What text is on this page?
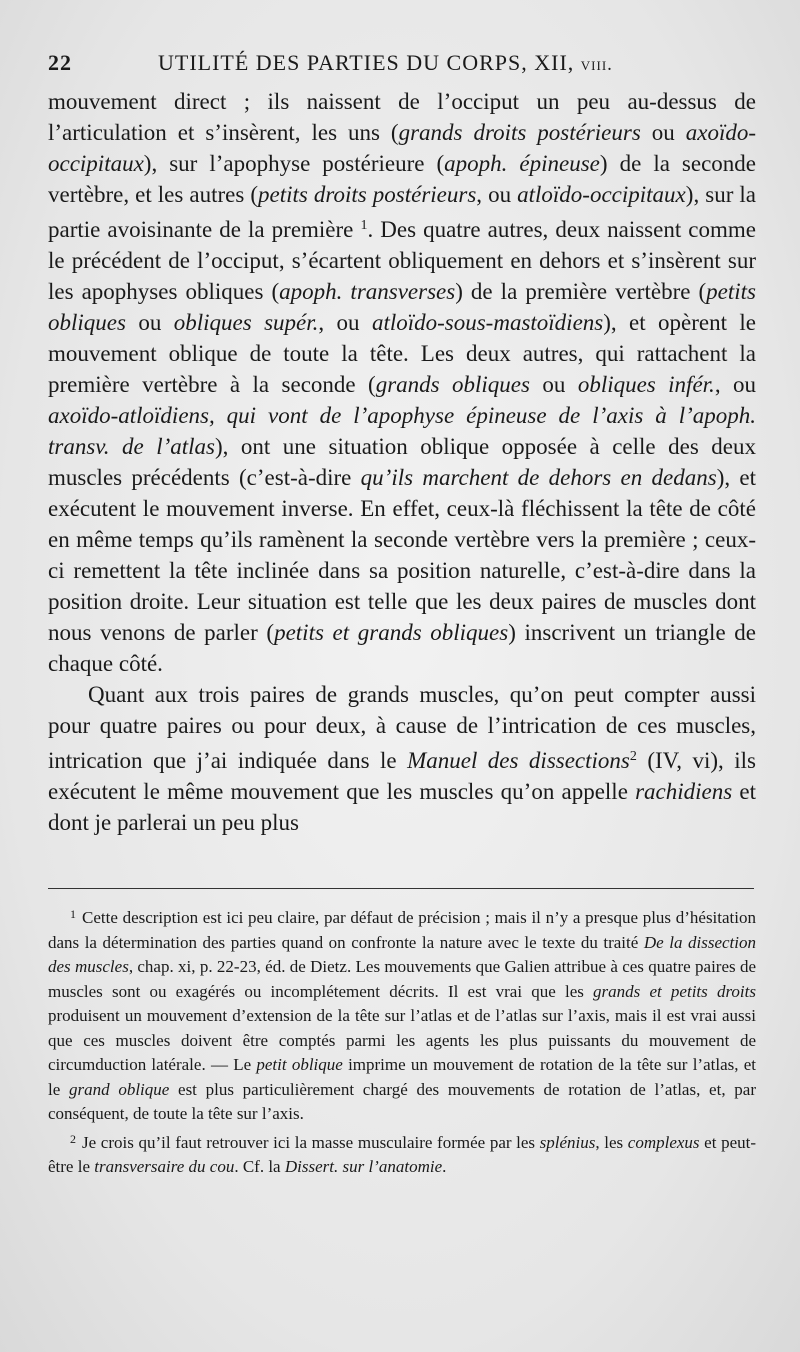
22	UTILITÉ DES PARTIES DU CORPS, XII, viii.

mouvement direct ; ils naissent de l’occiput un peu au-dessus de l’articulation et s’insèrent, les uns (grands droits postérieurs ou axoïdo-occipitaux), sur l’apophyse postérieure (apoph. épineuse) de la seconde vertèbre, et les autres (petits droits postérieurs, ou atloïdo-occipitaux), sur la partie avoisinante de la première $^1$. Des quatre autres, deux naissent comme le précédent de l’occiput, s’écartent obliquement en dehors et s’insèrent sur les apophyses obliques (apoph. transverses) de la première vertèbre (petits obliques ou obliques supér., ou atloïdo-sous-mastoïdiens), et opèrent le mouvement oblique de toute la tête. Les deux autres, qui rattachent la première vertèbre à la seconde (grands obliques ou obliques infér., ou axoïdo-atloïdiens, qui vont de l’apophyse épineuse de l’axis à l’apoph. transv. de l’atlas), ont une situation oblique opposée à celle des deux muscles précédents (c’est-à-dire qu’ils marchent de dehors en dedans), et exécutent le mouvement inverse. En effet, ceux-là fléchissent la tête de côté en même temps qu’ils ramènent la seconde vertèbre vers la première ; ceux-ci remettent la tête inclinée dans sa position naturelle, c’est-à-dire dans la position droite. Leur situation est telle que les deux paires de muscles dont nous venons de parler (petits et grands obliques) inscrivent un triangle de chaque côté.

Quant aux trois paires de grands muscles, qu’on peut compter aussi pour quatre paires ou pour deux, à cause de l’intrication de ces muscles, intrication que j’ai indiquée dans le Manuel des dissections$^2$ (IV, vi), ils exécutent le même mouvement que les muscles qu’on appelle rachidiens et dont je parlerai un peu plus

$^1$ Cette description est ici peu claire, par défaut de précision ; mais il n’y a presque plus d’hésitation dans la détermination des parties quand on confronte la nature avec le texte du traité De la dissection des muscles, chap. xi, p. 22-23, éd. de Dietz. Les mouvements que Galien attribue à ces quatre paires de muscles sont ou exagérés ou incomplétement décrits. Il est vrai que les grands et petits droits produisent un mouvement d’extension de la tête sur l’atlas et de l’atlas sur l’axis, mais il est vrai aussi que ces muscles doivent être comptés parmi les agents les plus puissants du mouvement de circumduction latérale. — Le petit oblique imprime un mouvement de rotation de la tête sur l’atlas, et le grand oblique est plus particulièrement chargé des mouvements de rotation de l’atlas, et, par conséquent, de toute la tête sur l’axis.

$^2$ Je crois qu’il faut retrouver ici la masse musculaire formée par les splénius, les complexus et peut-être le transversaire du cou. Cf. la Dissert. sur l’anatomie.
